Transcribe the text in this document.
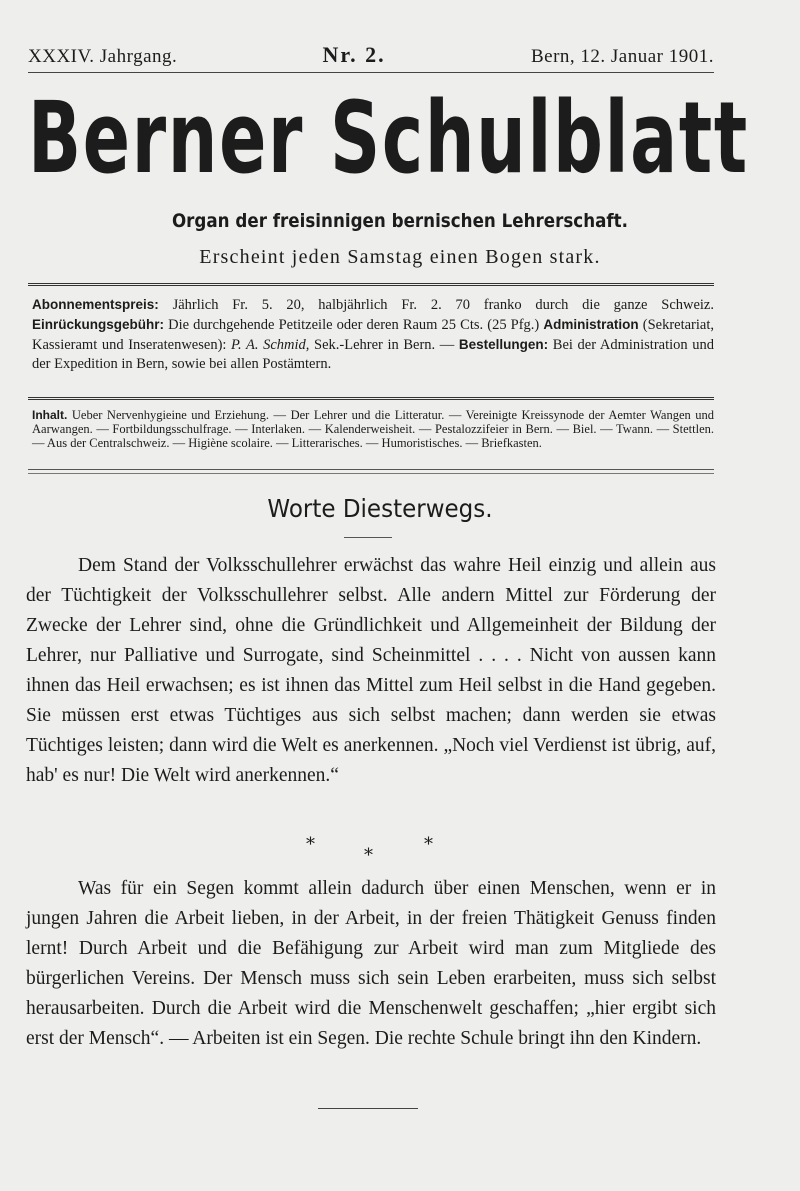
XXXIV. Jahrgang.	Nr. 2.	Bern, 12. Januar 1901.
Berner Schulblatt
Organ der freisinnigen bernischen Lehrerschaft.
Erscheint jeden Samstag einen Bogen stark.
Abonnementspreis: Jährlich Fr. 5. 20, halbjährlich Fr. 2. 70 franko durch die ganze Schweiz. Einrückungsgebühr: Die durchgehende Petitzeile oder deren Raum 25 Cts. (25 Pfg.) Administration (Sekretariat, Kassieramt und Inseratenwesen): P. A. Schmid, Sek.-Lehrer in Bern. — Bestellungen: Bei der Administration und der Expedition in Bern, sowie bei allen Postämtern.
Inhalt. Ueber Nervenhygieine und Erziehung. — Der Lehrer und die Litteratur. — Vereinigte Kreissynode der Aemter Wangen und Aarwangen. — Fortbildungsschulfrage. — Interlaken. — Kalenderweisheit. — Pestalozzifeier in Bern. — Biel. — Twann. — Stettlen. — Aus der Centralschweiz. — Higiène scolaire. — Litterarisches. — Humoristisches. — Briefkasten.
Worte Diesterwegs.

Dem Stand der Volksschullehrer erwächst das wahre Heil einzig und allein aus der Tüchtigkeit der Volksschullehrer selbst. Alle andern Mittel zur Förderung der Zwecke der Lehrer sind, ohne die Gründlichkeit und Allgemeinheit der Bildung der Lehrer, nur Palliative und Surrogate, sind Scheinmittel . . . . Nicht von aussen kann ihnen das Heil erwachsen; es ist ihnen das Mittel zum Heil selbst in die Hand gegeben. Sie müssen erst etwas Tüchtiges aus sich selbst machen; dann werden sie etwas Tüchtiges leisten; dann wird die Welt es anerkennen. „Noch viel Verdienst ist übrig, auf, hab' es nur! Die Welt wird anerkennen.“

*	*
*

Was für ein Segen kommt allein dadurch über einen Menschen, wenn er in jungen Jahren die Arbeit lieben, in der Arbeit, in der freien Thätigkeit Genuss finden lernt! Durch Arbeit und die Befähigung zur Arbeit wird man zum Mitgliede des bürgerlichen Vereins. Der Mensch muss sich sein Leben erarbeiten, muss sich selbst herausarbeiten. Durch die Arbeit wird die Menschenwelt geschaffen; „hier ergibt sich erst der Mensch“. — Arbeiten ist ein Segen. Die rechte Schule bringt ihn den Kindern.
